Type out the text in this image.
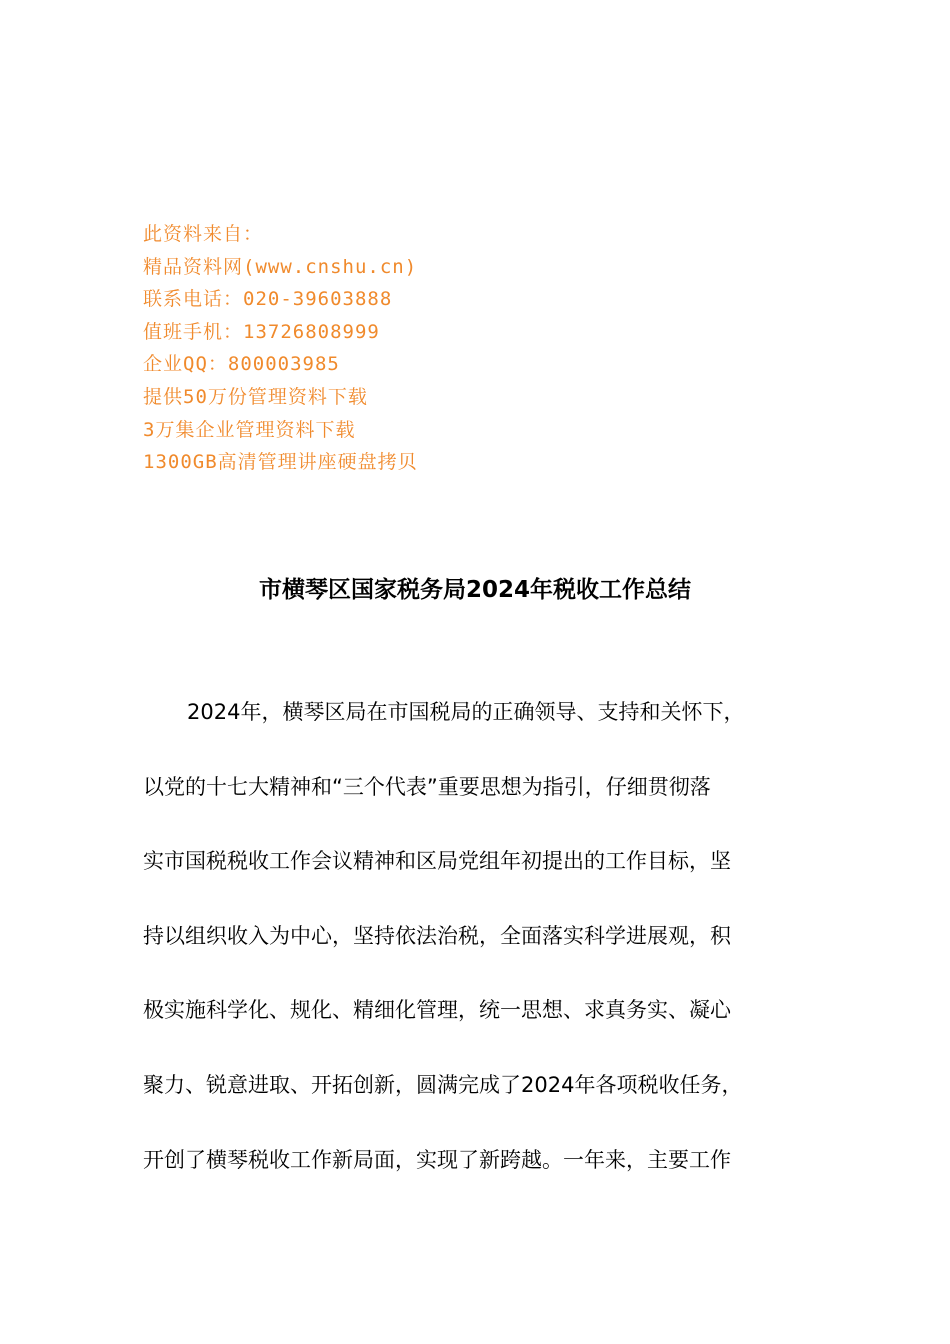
此资料来自：
精品资料网(www.cnshu.cn)
联系电话：020-39603888
值班手机：13726808999
企业QQ：800003985
提供50万份管理资料下载
3万集企业管理资料下载
1300GB高清管理讲座硬盘拷贝
市横琴区国家税务局2024年税收工作总结
2024年，横琴区局在市国税局的正确领导、支持和关怀下，
以党的十七大精神和“三个代表”重要思想为指引，仔细贯彻落
实市国税税收工作会议精神和区局党组年初提出的工作目标，坚
持以组织收入为中心，坚持依法治税，全面落实科学进展观，积
极实施科学化、规化、精细化管理，统一思想、求真务实、凝心
聚力、锐意进取、开拓创新，圆满完成了2024年各项税收任务，
开创了横琴税收工作新局面，实现了新跨越。一年来，主要工作
